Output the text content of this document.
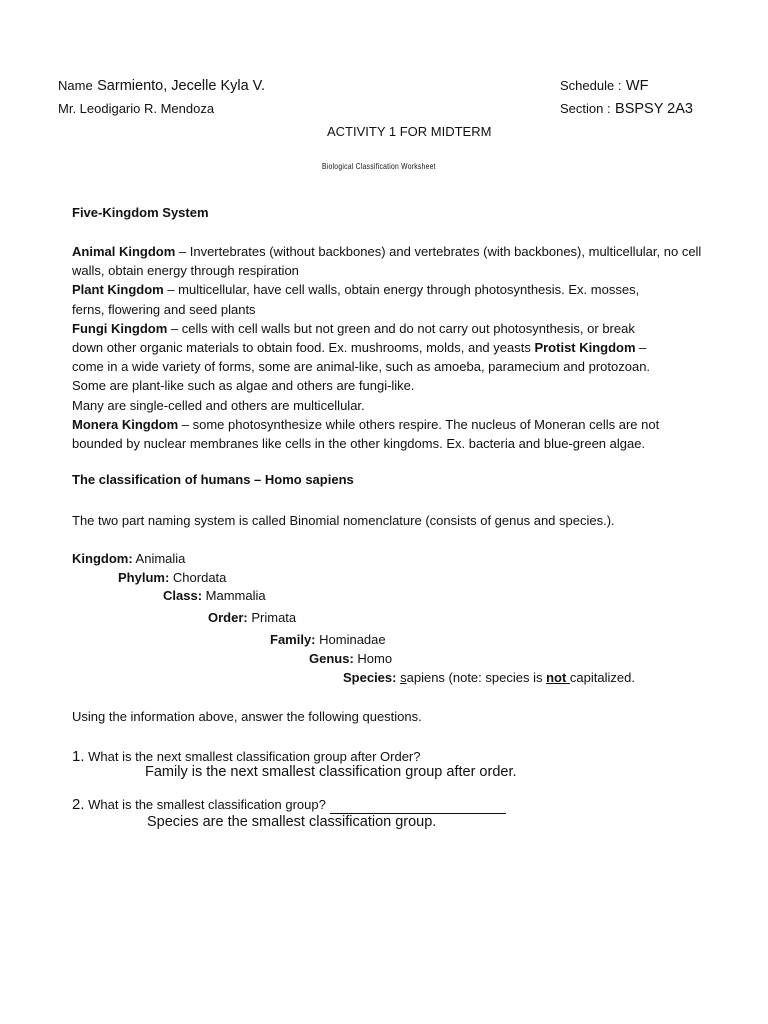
Name Sarmiento, Jecelle Kyla V.
Mr. Leodigario R. Mendoza
Schedule : WF
Section : BSPSY 2A3
ACTIVITY 1 FOR MIDTERM
Biological Classification Worksheet
Five-Kingdom System

Animal Kingdom – Invertebrates (without backbones) and vertebrates (with backbones), multicellular, no cell

walls, obtain energy through respiration

Plant Kingdom – multicellular, have cell walls, obtain energy through photosynthesis. Ex. mosses,

ferns, flowering and seed plants

Fungi Kingdom – cells with cell walls but not green and do not carry out photosynthesis, or break

down other organic materials to obtain food. Ex. mushrooms, molds, and yeasts Protist Kingdom –

come in a wide variety of forms, some are animal-like, such as amoeba, paramecium and protozoan.

Some are plant-like such as algae and others are fungi-like.

Many are single-celled and others are multicellular.

Monera Kingdom – some photosynthesize while others respire. The nucleus of Moneran cells are not

bounded by nuclear membranes like cells in the other kingdoms. Ex. bacteria and blue-green algae.

The classification of humans – Homo sapiens
The two part naming system is called Binomial nomenclature (consists of genus and species.).
Kingdom: Animalia
Phylum: Chordata
Class: Mammalia
Order: Primata
Family: Hominadae
Genus: Homo
Species: sapiens (note: species is not capitalized.
Using the information above, answer the following questions.
1. What is the next smallest classification group after Order?
Family is the next smallest classification group after order.
2. What is the smallest classification group?
Species are the smallest classification group.
